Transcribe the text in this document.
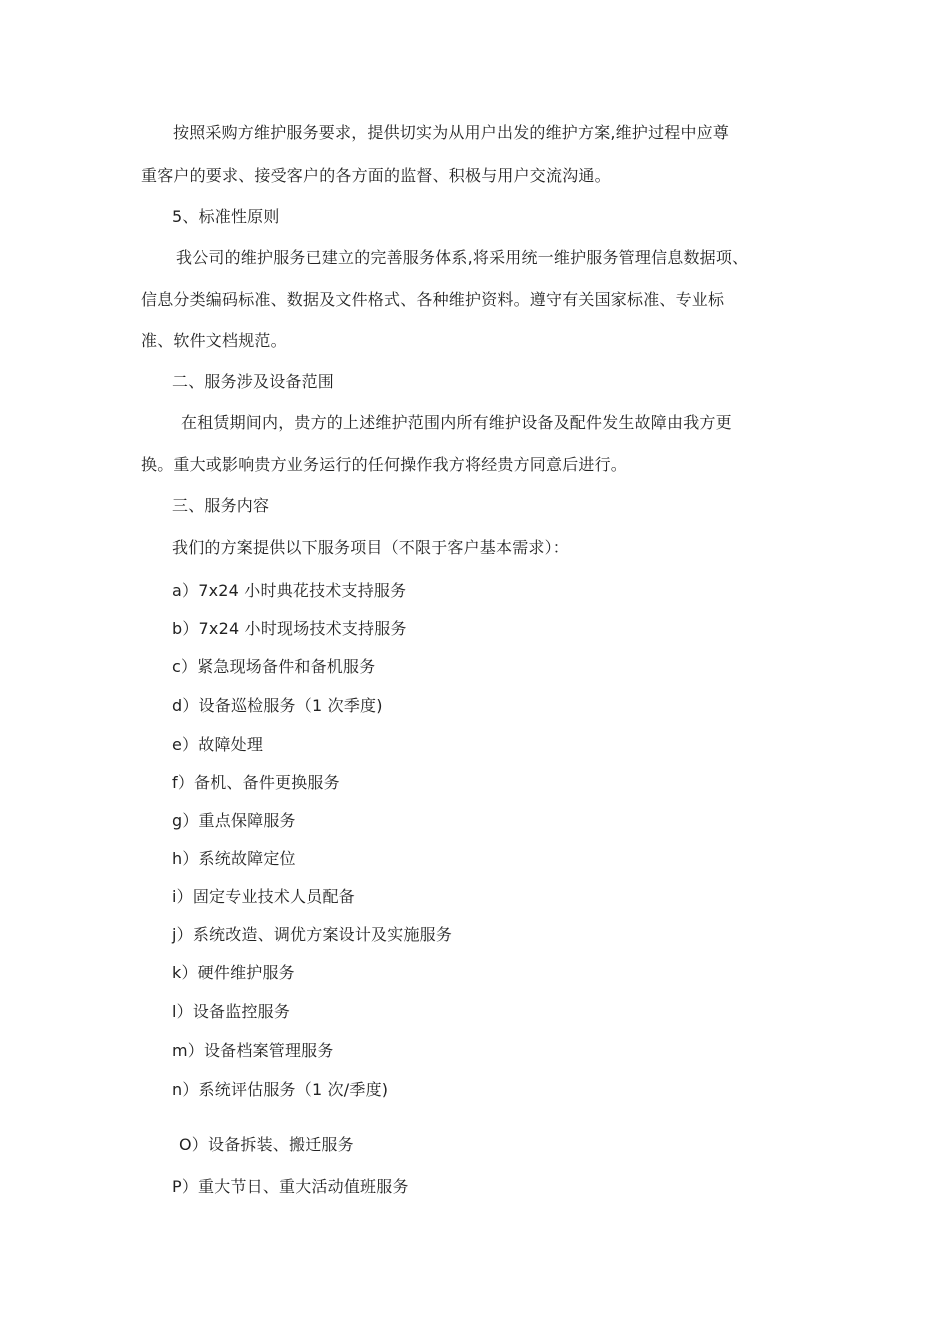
按照采购方维护服务要求，提供切实为从用户出发的维护方案,维护过程中应尊
重客户的要求、接受客户的各方面的监督、积极与用户交流沟通。
5、标准性原则
我公司的维护服务已建立的完善服务体系,将采用统一维护服务管理信息数据项、
信息分类编码标准、数据及文件格式、各种维护资料。遵守有关国家标准、专业标
准、软件文档规范。
二、服务涉及设备范围
在租赁期间内，贵方的上述维护范围内所有维护设备及配件发生故障由我方更
换。重大或影响贵方业务运行的任何操作我方将经贵方同意后进行。
三、服务内容
我们的方案提供以下服务项目（不限于客户基本需求）：
a）7x24 小时典花技术支持服务
b）7x24 小时现场技术支持服务
c）紧急现场备件和备机服务
d）设备巡检服务（1 次季度)
e）故障处理
f）备机、备件更换服务
g）重点保障服务
h）系统故障定位
i）固定专业技术人员配备
j）系统改造、调优方案设计及实施服务
k）硬件维护服务
l）设备监控服务
m）设备档案管理服务
n）系统评估服务（1 次/季度)
O）设备拆装、搬迁服务
P）重大节日、重大活动值班服务
